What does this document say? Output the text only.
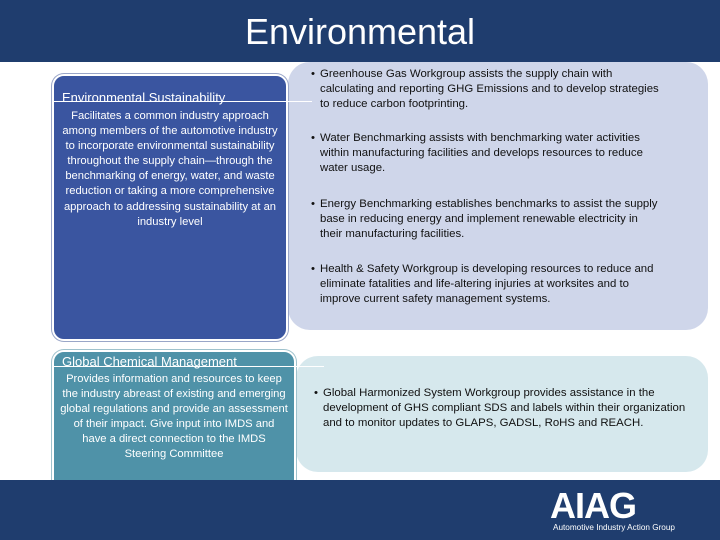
Environmental
Environmental Sustainability
Facilitates a common industry approach among members of the automotive industry to incorporate environmental sustainability throughout the supply chain—through the benchmarking of energy, water, and waste reduction or taking a more comprehensive approach to addressing sustainability at an industry level
Global Chemical Management
Provides information and resources to keep the industry abreast of existing and emerging global regulations and provide an assessment of their impact. Give input into IMDS and have a direct connection to the IMDS Steering Committee
• Greenhouse Gas Workgroup assists the supply chain with calculating and reporting GHG Emissions and to develop strategies to reduce carbon footprinting.
• Water Benchmarking assists with benchmarking water activities within manufacturing facilities and develops resources to reduce water usage.
• Energy Benchmarking establishes benchmarks to assist the supply base in reducing energy and implement renewable electricity in their manufacturing facilities.
• Health & Safety Workgroup is developing resources to reduce and eliminate fatalities and life-altering injuries at worksites and to improve current safety management systems.
• Global Harmonized System Workgroup provides assistance in the development of GHS compliant SDS and labels within their organization and to monitor updates to GLAPS, GADSL, RoHS and REACH.
AIAG
Automotive Industry Action Group
